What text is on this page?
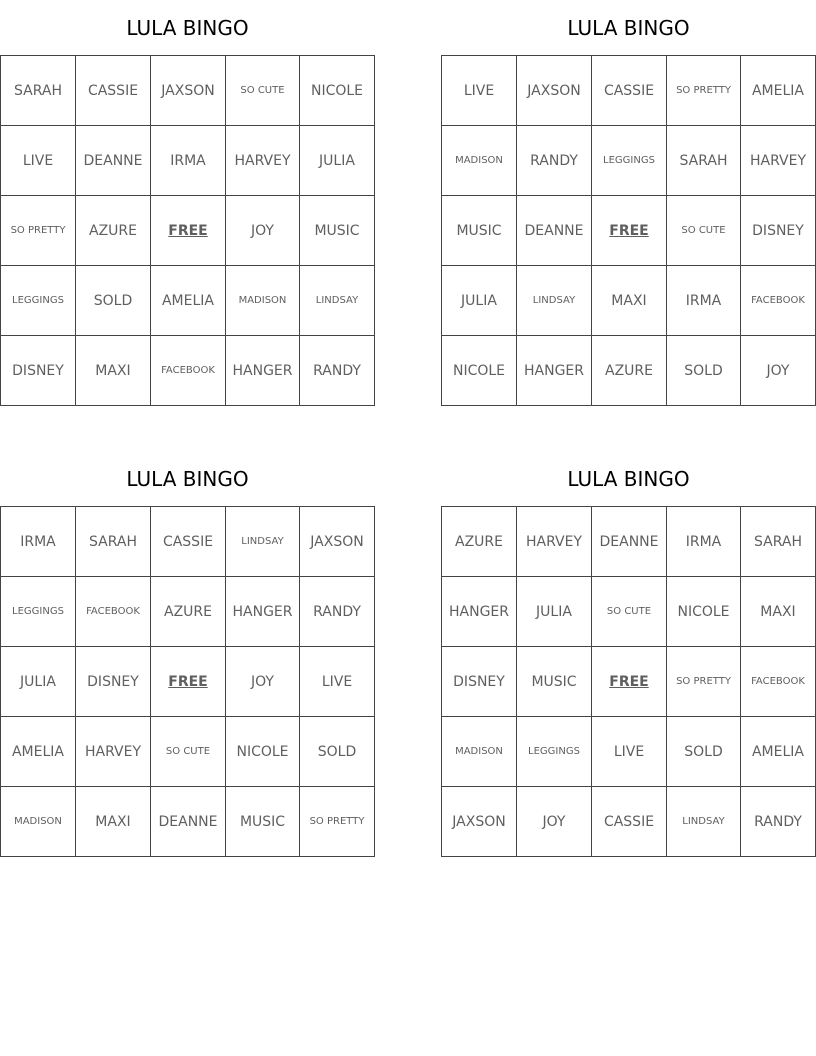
LULA BINGO
SARAH	CASSIE	JAXSON	SO CUTE	NICOLE
LIVE	DEANNE	IRMA	HARVEY	JULIA
SO PRETTY	AZURE	FREE	JOY	MUSIC
LEGGINGS	SOLD	AMELIA	MADISON	LINDSAY
DISNEY	MAXI	FACEBOOK	HANGER	RANDY
LULA BINGO
LIVE	JAXSON	CASSIE	SO PRETTY	AMELIA
MADISON	RANDY	LEGGINGS	SARAH	HARVEY
MUSIC	DEANNE	FREE	SO CUTE	DISNEY
JULIA	LINDSAY	MAXI	IRMA	FACEBOOK
NICOLE	HANGER	AZURE	SOLD	JOY
LULA BINGO
IRMA	SARAH	CASSIE	LINDSAY	JAXSON
LEGGINGS	FACEBOOK	AZURE	HANGER	RANDY
JULIA	DISNEY	FREE	JOY	LIVE
AMELIA	HARVEY	SO CUTE	NICOLE	SOLD
MADISON	MAXI	DEANNE	MUSIC	SO PRETTY
LULA BINGO
AZURE	HARVEY	DEANNE	IRMA	SARAH
HANGER	JULIA	SO CUTE	NICOLE	MAXI
DISNEY	MUSIC	FREE	SO PRETTY	FACEBOOK
MADISON	LEGGINGS	LIVE	SOLD	AMELIA
JAXSON	JOY	CASSIE	LINDSAY	RANDY
